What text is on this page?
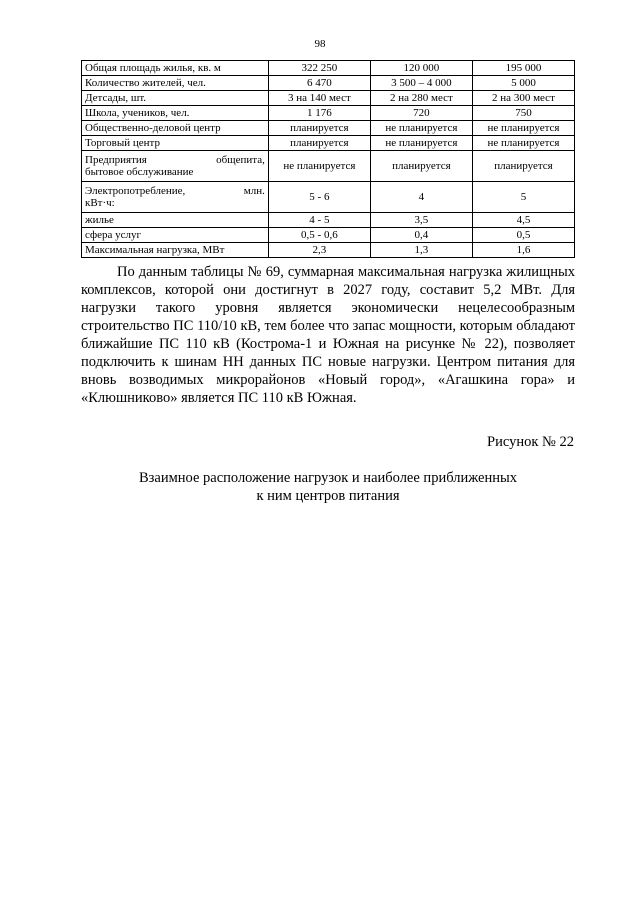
98
Общая площадь жилья, кв. м	322 250	120 000	195 000
Количество жителей, чел.	6 470	3 500 – 4 000	5 000
Детсады, шт.	3 на 140 мест	2 на 280 мест	2 на 300 мест
Школа, учеников, чел.	1 176	720	750
Общественно-деловой центр	планируется	не планируется	не планируется
Торговый центр	планируется	не планируется	не планируется

Предприятия общепита,
бытовое обслуживание	не планируется	планируется	планируется

Электропотребление, млн.
кВт·ч:	5 - 6	4	5
жилье	4 - 5	3,5	4,5
сфера услуг	0,5 - 0,6	0,4	0,5
Максимальная нагрузка, МВт	2,3	1,3	1,6

По данным таблицы № 69, суммарная максимальная нагрузка жилищных комплексов, которой они достигнут в 2027 году, составит 5,2 МВт. Для нагрузки такого уровня является экономически нецелесообразным строительство ПС 110/10 кВ, тем более что запас мощности, которым обладают ближайшие ПС 110 кВ (Кострома-1 и Южная на рисунке № 22), позволяет подключить к шинам НН данных ПС новые нагрузки. Центром питания для вновь возводимых микрорайонов «Новый город», «Агашкина гора» и «Клюшниково» является ПС 110 кВ Южная.

Рисунок № 22

Взаимное расположение нагрузок и наиболее приближенных
к ним центров питания
